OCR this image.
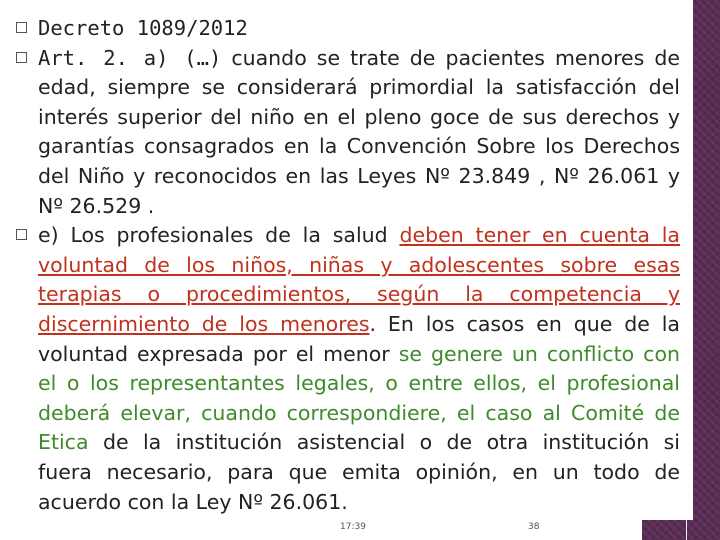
Decreto 1089/2012
Art. 2. a) (…) cuando se trate de pacientes menores de
edad, siempre se considerará primordial la satisfacción del
interés superior del niño en el pleno goce de sus derechos y
garantías consagrados en la Convención Sobre los Derechos
del Niño y reconocidos en las Leyes Nº 23.849 , Nº 26.061 y
Nº 26.529 .
e) Los profesionales de la salud deben tener en cuenta la
voluntad de los niños, niñas y adolescentes sobre esas
terapias o procedimientos, según la competencia y
discernimiento de los menores. En los casos en que de la
voluntad expresada por el menor se genere un conflicto con
el o los representantes legales, o entre ellos, el profesional
deberá elevar, cuando correspondiere, el caso al Comité de
Etica de la institución asistencial o de otra institución si
fuera necesario, para que emita opinión, en un todo de
acuerdo con la Ley Nº 26.061.
17:39	38
